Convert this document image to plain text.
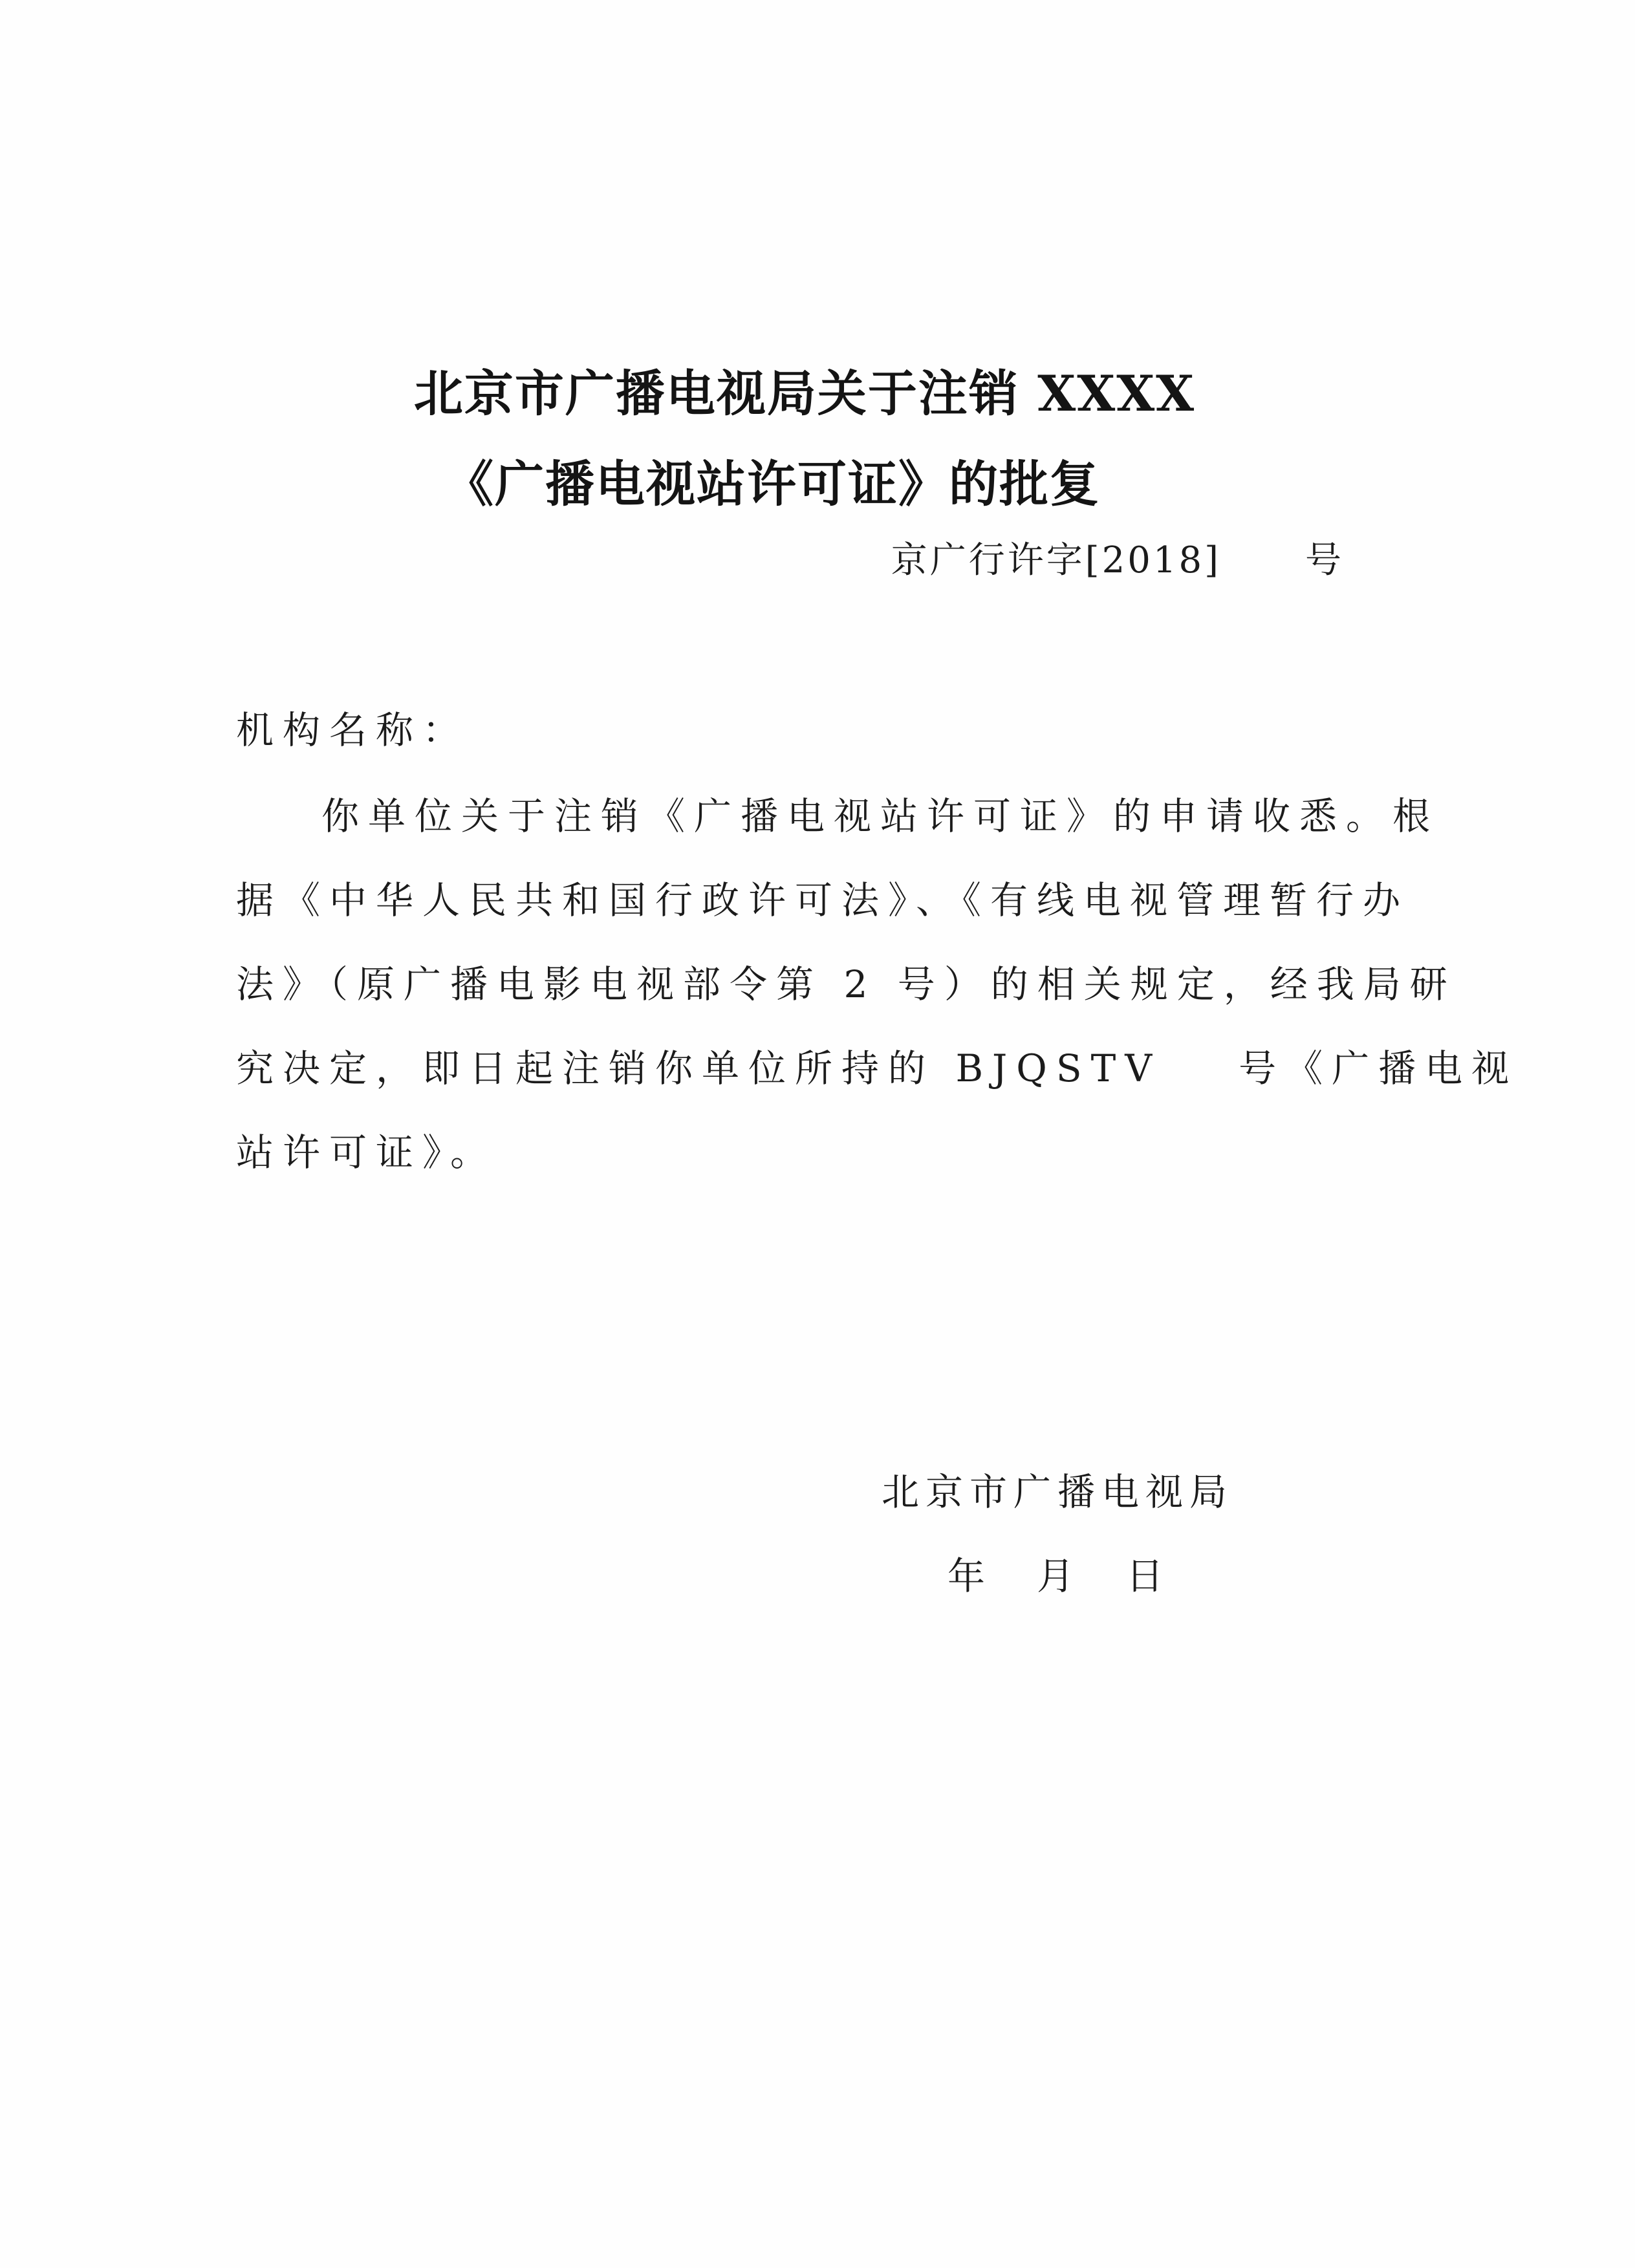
北京市广播电视局关于注销 XXXX
《广播电视站许可证》的批复
京广行许字[2018] 号
机构名称：
你单位关于注销《广播电视站许可证》的申请收悉。根
据《中华人民共和国行政许可法》、《有线电视管理暂行办
法》（原广播电影电视部令第 2 号）的相关规定，经我局研
究决定，即日起注销你单位所持的 BJQSTV 号《广播电视
站许可证》。
北京市广播电视局
年 月 日
